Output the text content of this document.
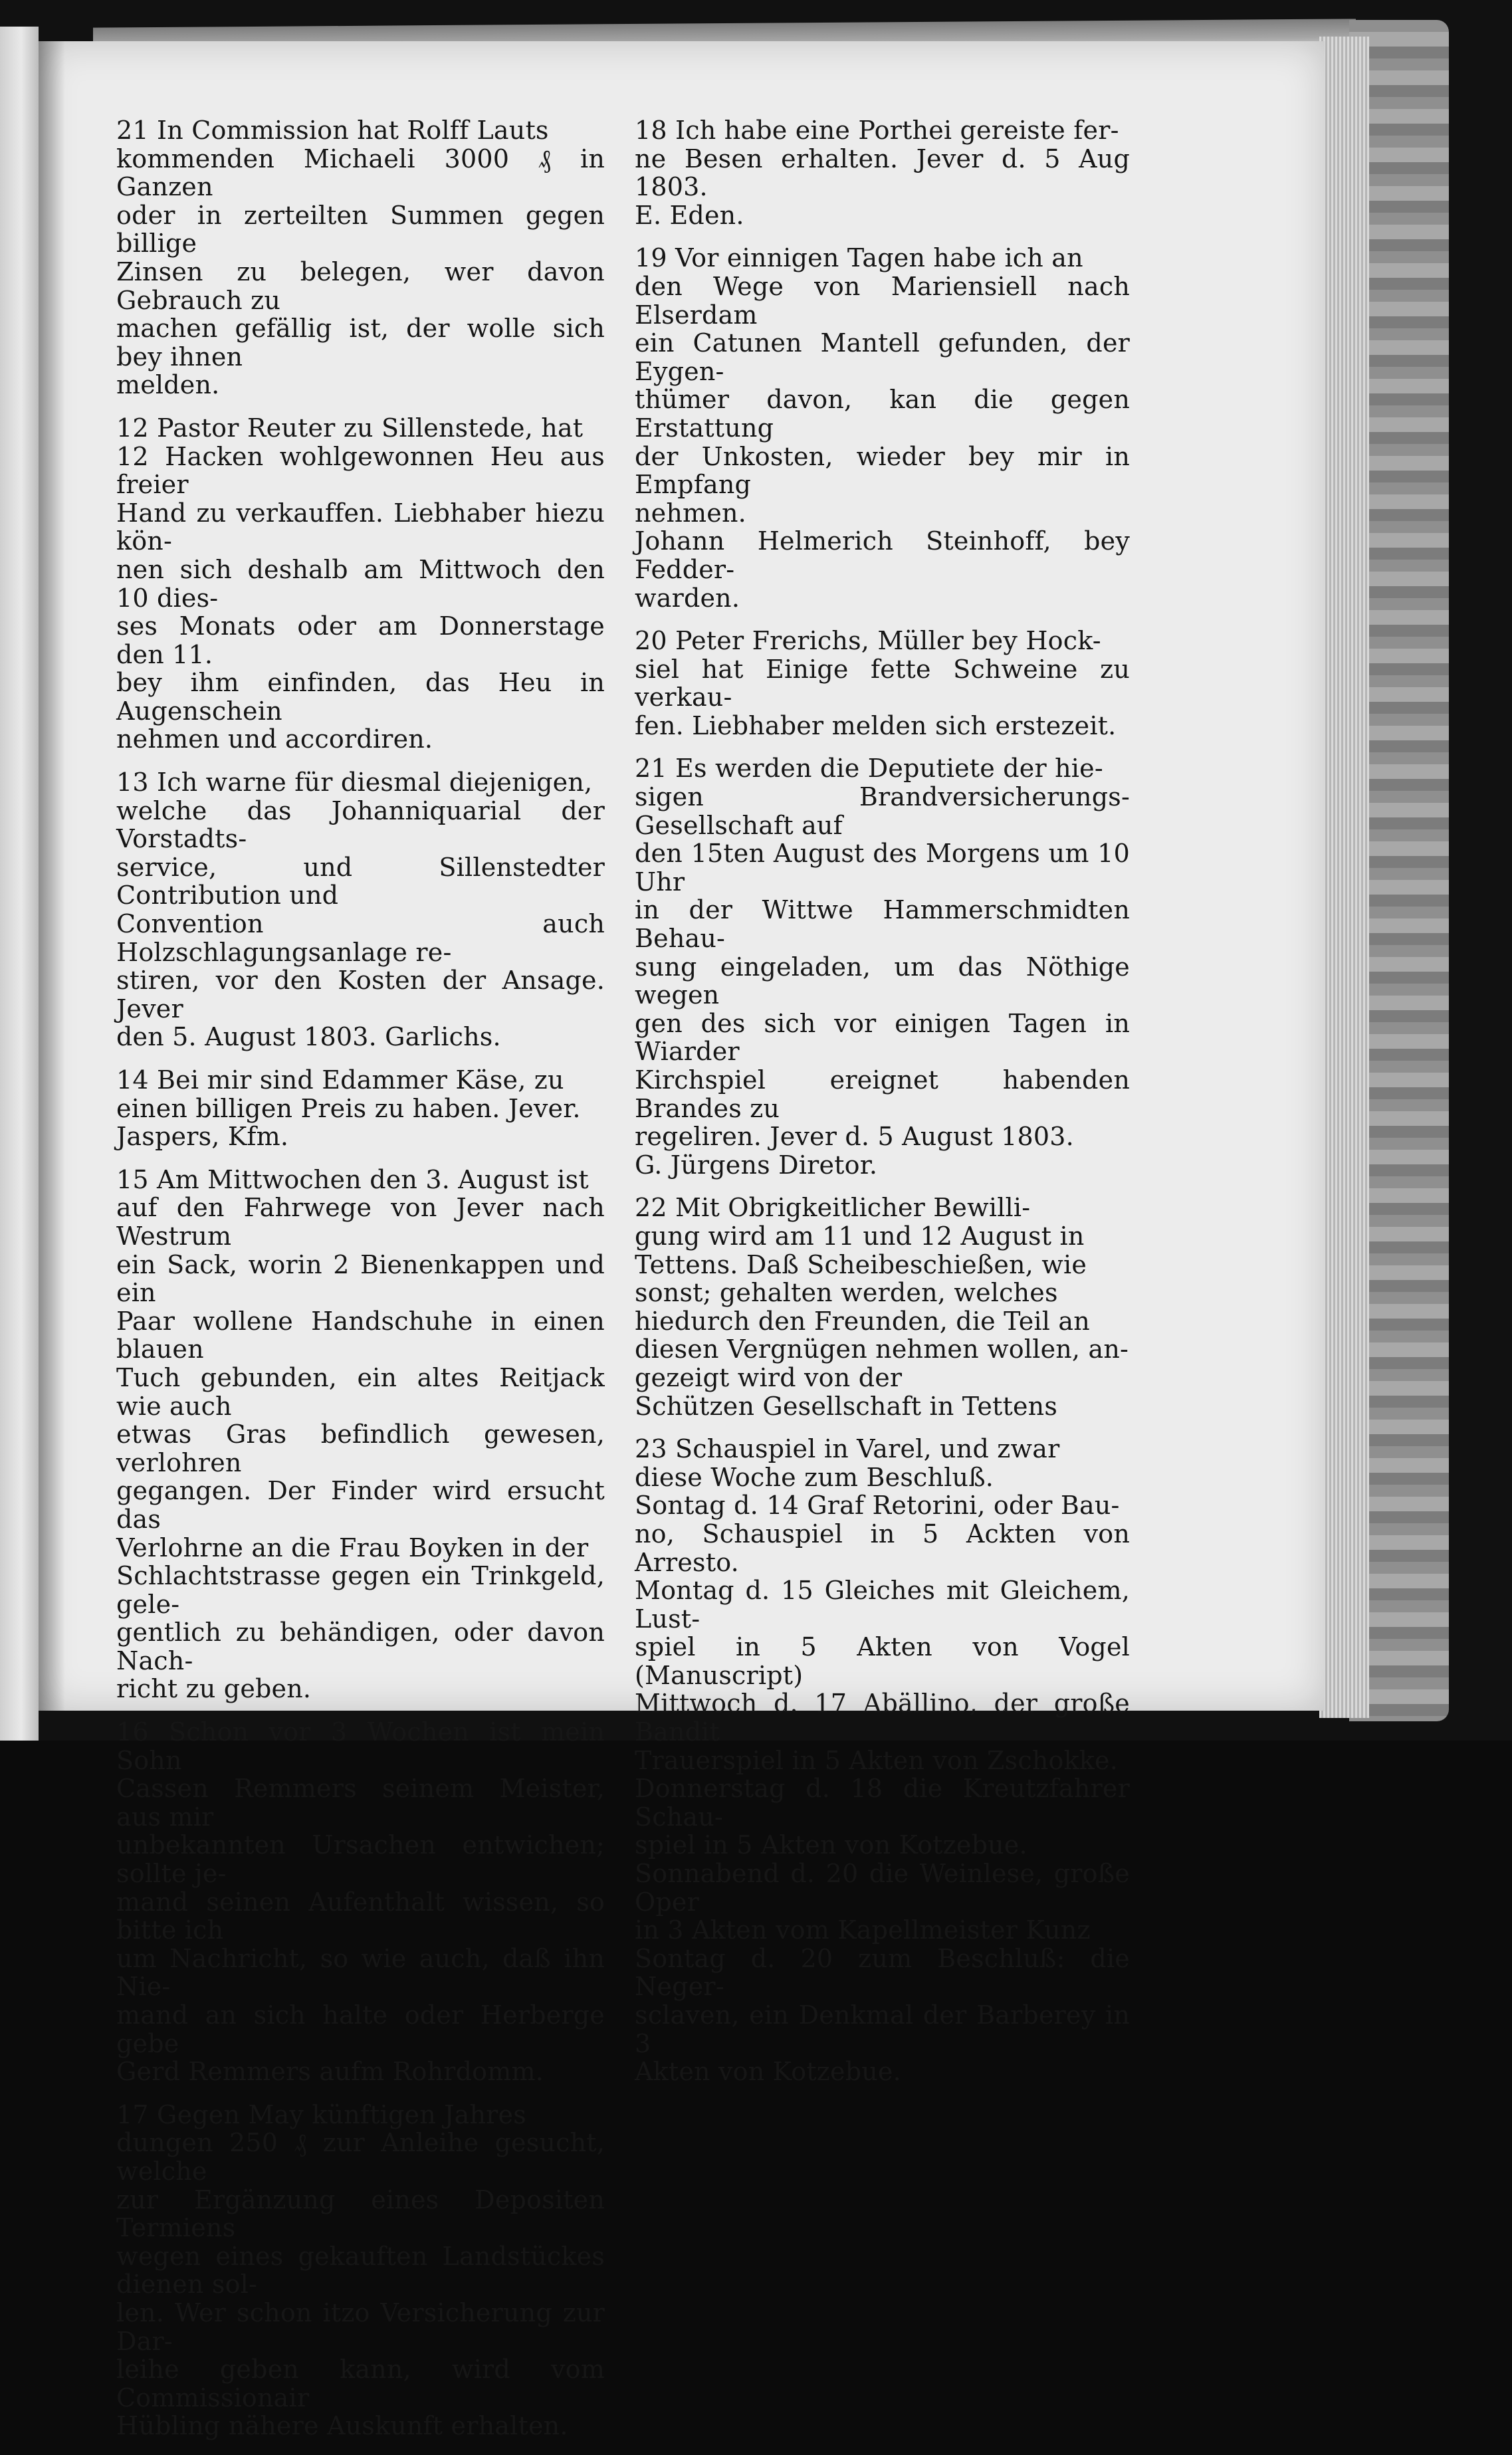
21 In Commission hat Rolff Lauts
kommenden Michaeli 3000 ₰ in Ganzen
oder in zerteilten Summen gegen billige
Zinsen zu belegen, wer davon Gebrauch zu
machen gefällig ist, der wolle sich bey ihnen
melden.

12 Pastor Reuter zu Sillenstede, hat
12 Hacken wohlgewonnen Heu aus freier
Hand zu verkauffen. Liebhaber hiezu kön-
nen sich deshalb am Mittwoch den 10 dies-
ses Monats oder am Donnerstage den 11.
bey ihm einfinden, das Heu in Augenschein
nehmen und accordiren.

13 Ich warne für diesmal diejenigen,
welche das Johanniquarial der Vorstadts-
service, und Sillenstedter Contribution und
Convention auch Holzschlagungsanlage re-
stiren, vor den Kosten der Ansage. Jever
den 5. August 1803. Garlichs.

14 Bei mir sind Edammer Käse, zu
einen billigen Preis zu haben. Jever.
Jaspers, Kfm.

15 Am Mittwochen den 3. August ist
auf den Fahrwege von Jever nach Westrum
ein Sack, worin 2 Bienenkappen und ein
Paar wollene Handschuhe in einen blauen
Tuch gebunden, ein altes Reitjack wie auch
etwas Gras befindlich gewesen, verlohren
gegangen. Der Finder wird ersucht das
Verlohrne an die Frau Boyken in der
Schlachtstrasse gegen ein Trinkgeld, gele-
gentlich zu behändigen, oder davon Nach-
richt zu geben.

16 Schon vor 3 Wochen ist mein Sohn
Cassen Remmers seinem Meister, aus mir
unbekannten Ursachen entwichen; sollte je-
mand seinen Aufenthalt wissen, so bitte ich
um Nachricht, so wie auch, daß ihn Nie-
mand an sich halte oder Herberge gebe
Gerd Remmers aufm Rohrdomm.

17 Gegen May künftigen Jahres
dungen 250 ₰ zur Anleihe gesucht, welche
zur Ergänzung eines Depositen Termiens
wegen eines gekauften Landstückes dienen sol-
len. Wer schon itzo Versicherung zur Dar-
leihe geben kann, wird vom Commissionair
Hübling nähere Auskunft erhalten.

18 Ich habe eine Porthei gereiste fer-
ne Besen erhalten. Jever d. 5 Aug 1803.
E. Eden.

19 Vor einnigen Tagen habe ich an
den Wege von Mariensiell nach Elserdam
ein Catunen Mantell gefunden, der Eygen-
thümer davon, kan die gegen Erstattung
der Unkosten, wieder bey mir in Empfang
nehmen.
Johann Helmerich Steinhoff, bey Fedder-
warden.

20 Peter Frerichs, Müller bey Hock-
siel hat Einige fette Schweine zu verkau-
fen. Liebhaber melden sich erstezeit.

21 Es werden die Deputiete der hie-
sigen Brandversicherungs-Gesellschaft auf
den 15ten August des Morgens um 10 Uhr
in der Wittwe Hammerschmidten Behau-
sung eingeladen, um das Nöthige wegen
gen des sich vor einigen Tagen in Wiarder
Kirchspiel ereignet habenden Brandes zu
regeliren. Jever d. 5 August 1803.
G. Jürgens Diretor.

22 Mit Obrigkeitlicher Bewilli-
gung wird am 11 und 12 August in
Tettens. Daß Scheibeschießen, wie
sonst; gehalten werden, welches
hiedurch den Freunden, die Teil an
diesen Vergnügen nehmen wollen, an-
gezeigt wird von der
Schützen Gesellschaft in Tettens

23 Schauspiel in Varel, und zwar
diese Woche zum Beschluß.
Sontag d. 14 Graf Retorini, oder Bau-
no, Schauspiel in 5 Ackten von Arresto.
Montag d. 15 Gleiches mit Gleichem, Lust-
spiel in 5 Akten von Vogel (Manuscript)
Mittwoch d. 17 Abällino, der große Bandit
Trauerspiel in 5 Akten von Zschokke.
Donnerstag d. 18 die Kreutzfahrer Schau-
spiel in 5 Akten von Kotzebue.
Sonnabend d. 20 die Weinlese, große Oper
in 3 Akten vom Kapellmeister Kunz
Sontag d. 20 zum Beschluß: die Neger-
sclaven, ein Denkmal der Barberey in 3
Akten von Kotzebue.
